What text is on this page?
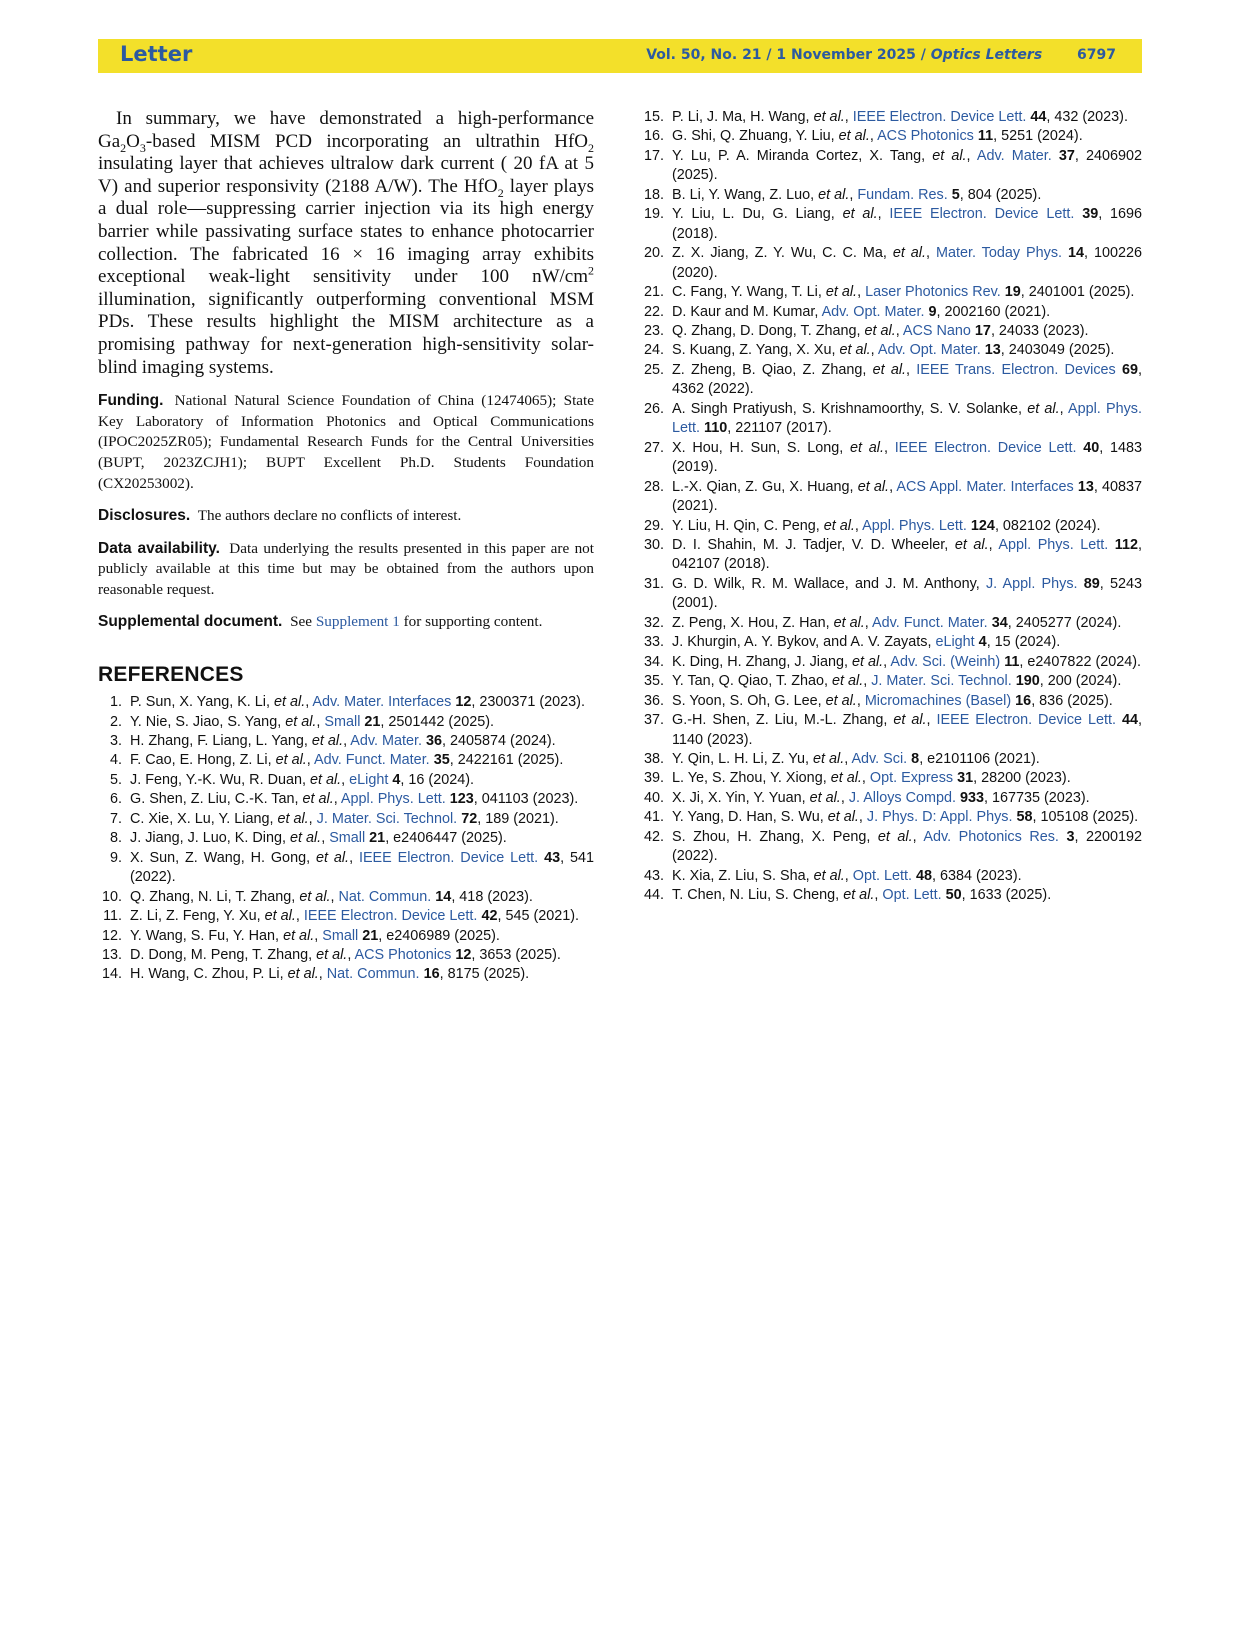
Letter	Vol. 50, No. 21 / 1 November 2025 / Optics Letters 6797

In summary, we have demonstrated a high-performance $Ga_2O_3$-based MISM PCD incorporating an ultrathin HfO$_2$ insulating layer that achieves ultralow dark current ( 20 fA at 5 V) and superior responsivity (2188 A/W). The HfO$_2$ layer plays a dual role—suppressing carrier injection via its high energy barrier while passivating surface states to enhance photocarrier collection. The fabricated 16 × 16 imaging array exhibits exceptional weak-light sensitivity under 100 $nW/cm^2$ illumination, significantly outperforming conventional MSM PDs. These results highlight the MISM architecture as a promising pathway for next-generation high-sensitivity solar-blind imaging systems.

Funding. National Natural Science Foundation of China (12474065); State Key Laboratory of Information Photonics and Optical Communications (IPOC2025ZR05); Fundamental Research Funds for the Central Universities (BUPT, 2023ZCJH1); BUPT Excellent Ph.D. Students Foundation (CX20253002).
Disclosures. The authors declare no conflicts of interest.
Data availability. Data underlying the results presented in this paper are not publicly available at this time but may be obtained from the authors upon reasonable request.
Supplemental document. See Supplement 1 for supporting content.
REFERENCES
1. P. Sun, X. Yang, K. Li, et al., Adv. Mater. Interfaces 12, 2300371 (2023).
2. Y. Nie, S. Jiao, S. Yang, et al., Small 21, 2501442 (2025).
3. H. Zhang, F. Liang, L. Yang, et al., Adv. Mater. 36, 2405874 (2024).
4. F. Cao, E. Hong, Z. Li, et al., Adv. Funct. Mater. 35, 2422161 (2025).
5. J. Feng, Y.-K. Wu, R. Duan, et al., eLight 4, 16 (2024).
6. G. Shen, Z. Liu, C.-K. Tan, et al., Appl. Phys. Lett. 123, 041103 (2023).
7. C. Xie, X. Lu, Y. Liang, et al., J. Mater. Sci. Technol. 72, 189 (2021).
8. J. Jiang, J. Luo, K. Ding, et al., Small 21, e2406447 (2025).
9. X. Sun, Z. Wang, H. Gong, et al., IEEE Electron. Device Lett. 43, 541 (2022).
10. Q. Zhang, N. Li, T. Zhang, et al., Nat. Commun. 14, 418 (2023).
11. Z. Li, Z. Feng, Y. Xu, et al., IEEE Electron. Device Lett. 42, 545 (2021).
12. Y. Wang, S. Fu, Y. Han, et al., Small 21, e2406989 (2025).
13. D. Dong, M. Peng, T. Zhang, et al., ACS Photonics 12, 3653 (2025).
14. H. Wang, C. Zhou, P. Li, et al., Nat. Commun. 16, 8175 (2025).
15. P. Li, J. Ma, H. Wang, et al., IEEE Electron. Device Lett. 44, 432 (2023).
16. G. Shi, Q. Zhuang, Y. Liu, et al., ACS Photonics 11, 5251 (2024).
17. Y. Lu, P. A. Miranda Cortez, X. Tang, et al., Adv. Mater. 37, 2406902 (2025).
18. B. Li, Y. Wang, Z. Luo, et al., Fundam. Res. 5, 804 (2025).
19. Y. Liu, L. Du, G. Liang, et al., IEEE Electron. Device Lett. 39, 1696 (2018).
20. Z. X. Jiang, Z. Y. Wu, C. C. Ma, et al., Mater. Today Phys. 14, 100226 (2020).
21. C. Fang, Y. Wang, T. Li, et al., Laser Photonics Rev. 19, 2401001 (2025).
22. D. Kaur and M. Kumar, Adv. Opt. Mater. 9, 2002160 (2021).
23. Q. Zhang, D. Dong, T. Zhang, et al., ACS Nano 17, 24033 (2023).
24. S. Kuang, Z. Yang, X. Xu, et al., Adv. Opt. Mater. 13, 2403049 (2025).
25. Z. Zheng, B. Qiao, Z. Zhang, et al., IEEE Trans. Electron. Devices 69, 4362 (2022).
26. A. Singh Pratiyush, S. Krishnamoorthy, S. V. Solanke, et al., Appl. Phys. Lett. 110, 221107 (2017).
27. X. Hou, H. Sun, S. Long, et al., IEEE Electron. Device Lett. 40, 1483 (2019).
28. L.-X. Qian, Z. Gu, X. Huang, et al., ACS Appl. Mater. Interfaces 13, 40837 (2021).
29. Y. Liu, H. Qin, C. Peng, et al., Appl. Phys. Lett. 124, 082102 (2024).
30. D. I. Shahin, M. J. Tadjer, V. D. Wheeler, et al., Appl. Phys. Lett. 112, 042107 (2018).
31. G. D. Wilk, R. M. Wallace, and J. M. Anthony, J. Appl. Phys. 89, 5243 (2001).
32. Z. Peng, X. Hou, Z. Han, et al., Adv. Funct. Mater. 34, 2405277 (2024).
33. J. Khurgin, A. Y. Bykov, and A. V. Zayats, eLight 4, 15 (2024).
34. K. Ding, H. Zhang, J. Jiang, et al., Adv. Sci. (Weinh) 11, e2407822 (2024).
35. Y. Tan, Q. Qiao, T. Zhao, et al., J. Mater. Sci. Technol. 190, 200 (2024).
36. S. Yoon, S. Oh, G. Lee, et al., Micromachines (Basel) 16, 836 (2025).
37. G.-H. Shen, Z. Liu, M.-L. Zhang, et al., IEEE Electron. Device Lett. 44, 1140 (2023).
38. Y. Qin, L. H. Li, Z. Yu, et al., Adv. Sci. 8, e2101106 (2021).
39. L. Ye, S. Zhou, Y. Xiong, et al., Opt. Express 31, 28200 (2023).
40. X. Ji, X. Yin, Y. Yuan, et al., J. Alloys Compd. 933, 167735 (2023).
41. Y. Yang, D. Han, S. Wu, et al., J. Phys. D: Appl. Phys. 58, 105108 (2025).
42. S. Zhou, H. Zhang, X. Peng, et al., Adv. Photonics Res. 3, 2200192 (2022).
43. K. Xia, Z. Liu, S. Sha, et al., Opt. Lett. 48, 6384 (2023).
44. T. Chen, N. Liu, S. Cheng, et al., Opt. Lett. 50, 1633 (2025).
